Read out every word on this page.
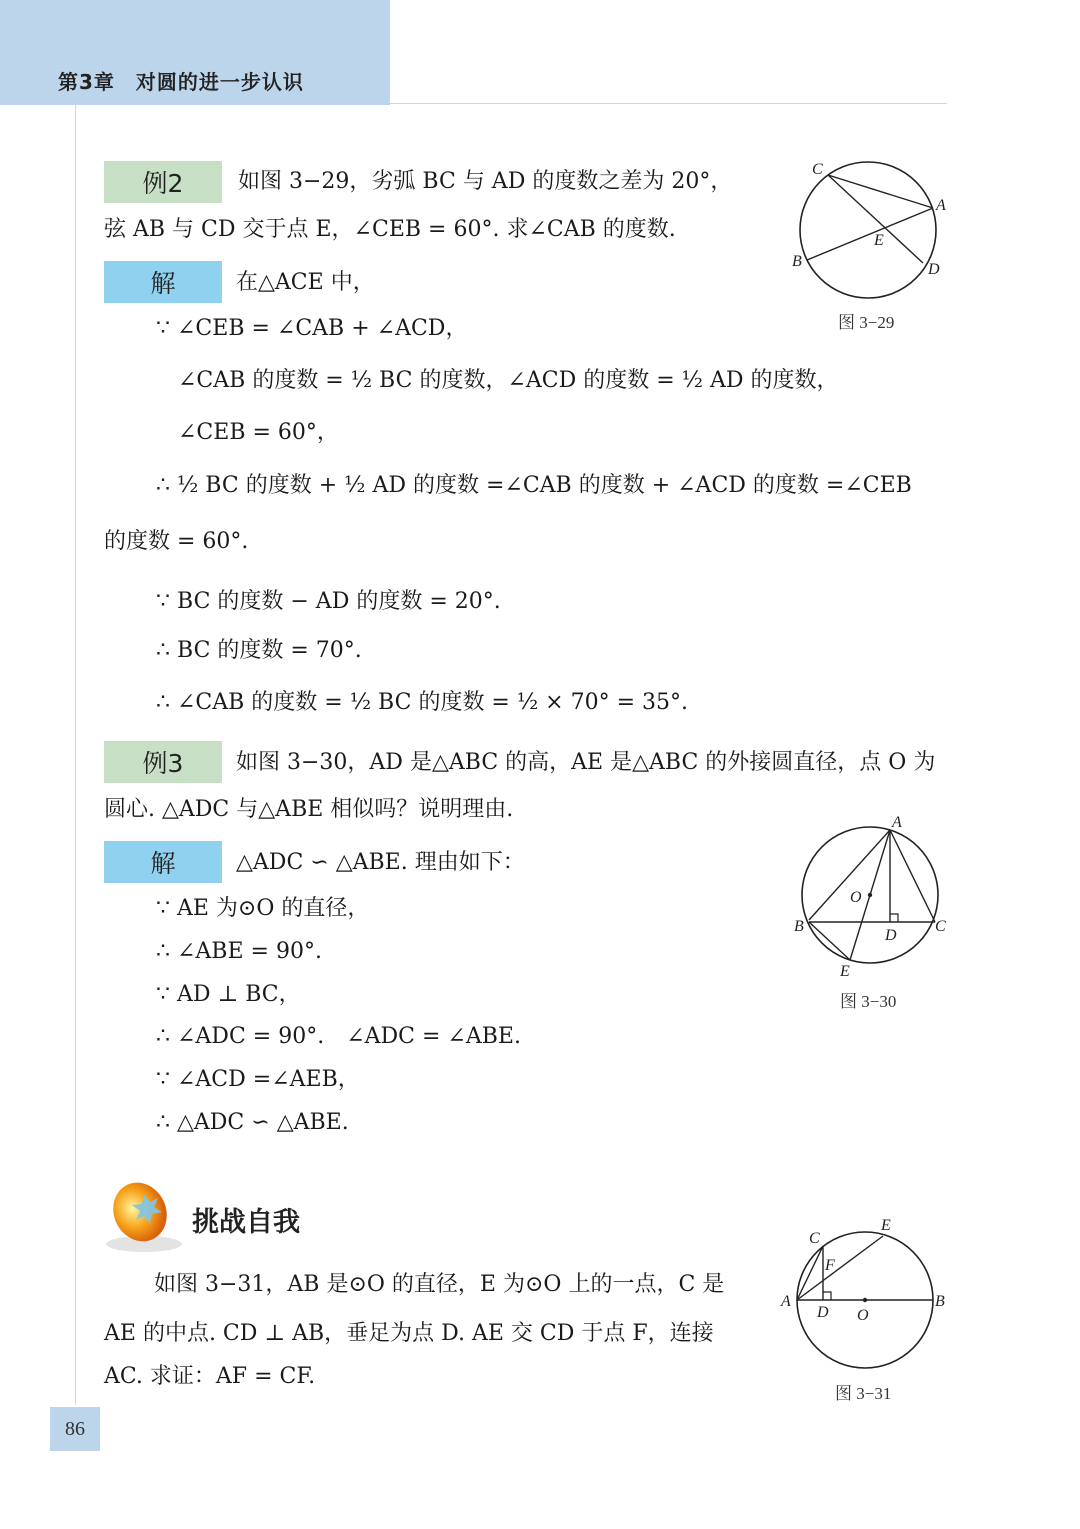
第3章　对圆的进一步认识
例2	如图 3−29，劣弧 BC 与 AD 的度数之差为 20°，
弦 AB 与 CD 交于点 E，∠CEB = 60°. 求∠CAB 的度数.
解	在△ACE 中，
∵ ∠CEB = ∠CAB + ∠ACD，
∠CAB 的度数 = ½ BC 的度数，∠ACD 的度数 = ½ AD 的度数，
∠CEB = 60°，
∴ ½ BC 的度数 + ½ AD 的度数 =∠CAB 的度数 + ∠ACD 的度数 =∠CEB
的度数 = 60°.
∵ BC 的度数 − AD 的度数 = 20°.
∴ BC 的度数 = 70°.
∴ ∠CAB 的度数 = ½ BC 的度数 = ½ × 70° = 35°.
例3	如图 3−30，AD 是△ABC 的高，AE 是△ABC 的外接圆直径，点 O 为
圆心. △ADC 与△ABE 相似吗？说明理由.
解	△ADC ∽ △ABE. 理由如下：
∵ AE 为⊙O 的直径，
∴ ∠ABE = 90°.
∵ AD ⊥ BC，
∴ ∠ADC = 90°.　∠ADC = ∠ABE.
∵ ∠ACD =∠AEB，
∴ △ADC ∽ △ABE.
挑战自我
如图 3−31，AB 是⊙O 的直径，E 为⊙O 上的一点，C 是
AE 的中点. CD ⊥ AB，垂足为点 D. AE 交 CD 于点 F，连接
AC. 求证：AF = CF.
C
A
E
B	D
图 3−29
A
O
B
D
C
E
图 3−30
C
E
F
A
D O
B
图 3−31
86
